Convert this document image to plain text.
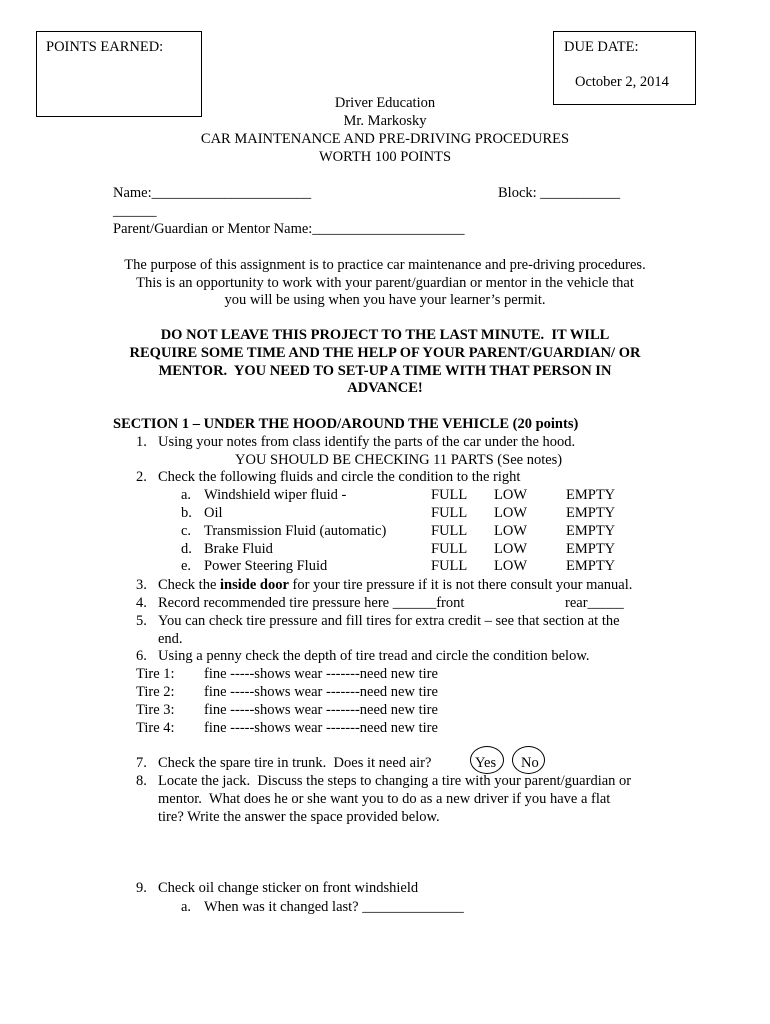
POINTS EARNED:	DUE DATE:
October 2, 2014
Driver Education
Mr. Markosky
CAR MAINTENANCE AND PRE-DRIVING PROCEDURES
WORTH 100 POINTS
Name:______________________	Block: ___________
______
Parent/Guardian or Mentor Name:_____________________
The purpose of this assignment is to practice car maintenance and pre-driving procedures.
This is an opportunity to work with your parent/guardian or mentor in the vehicle that
you will be using when you have your learner’s permit.
DO NOT LEAVE THIS PROJECT TO THE LAST MINUTE.  IT WILL
REQUIRE SOME TIME AND THE HELP OF YOUR PARENT/GUARDIAN/ OR
MENTOR.  YOU NEED TO SET-UP A TIME WITH THAT PERSON IN
ADVANCE!
SECTION 1 – UNDER THE HOOD/AROUND THE VEHICLE (20 points)
1. Using your notes from class identify the parts of the car under the hood.
YOU SHOULD BE CHECKING 11 PARTS (See notes)
2. Check the following fluids and circle the condition to the right
a. Windshield wiper fluid -	FULL LOW	EMPTY
b. Oil	FULL LOW	EMPTY
c. Transmission Fluid (automatic)	FULL LOW	EMPTY
d. Brake Fluid	FULL LOW	EMPTY
e. Power Steering Fluid	FULL LOW	EMPTY
3. Check the inside door for your tire pressure if it is not there consult your manual.
4. Record recommended tire pressure here ______front	rear_____
5. You can check tire pressure and fill tires for extra credit – see that section at the
end.
6. Using a penny check the depth of tire tread and circle the condition below.
Tire 1: fine -----shows wear -------need new tire
Tire 2: fine -----shows wear -------need new tire
Tire 3: fine -----shows wear -------need new tire
Tire 4: fine -----shows wear -------need new tire
7. Check the spare tire in trunk.  Does it need air?	Yes No
8. Locate the jack.  Discuss the steps to changing a tire with your parent/guardian or
mentor.  What does he or she want you to do as a new driver if you have a flat
tire? Write the answer the space provided below.
9. Check oil change sticker on front windshield
a. When was it changed last? ______________
